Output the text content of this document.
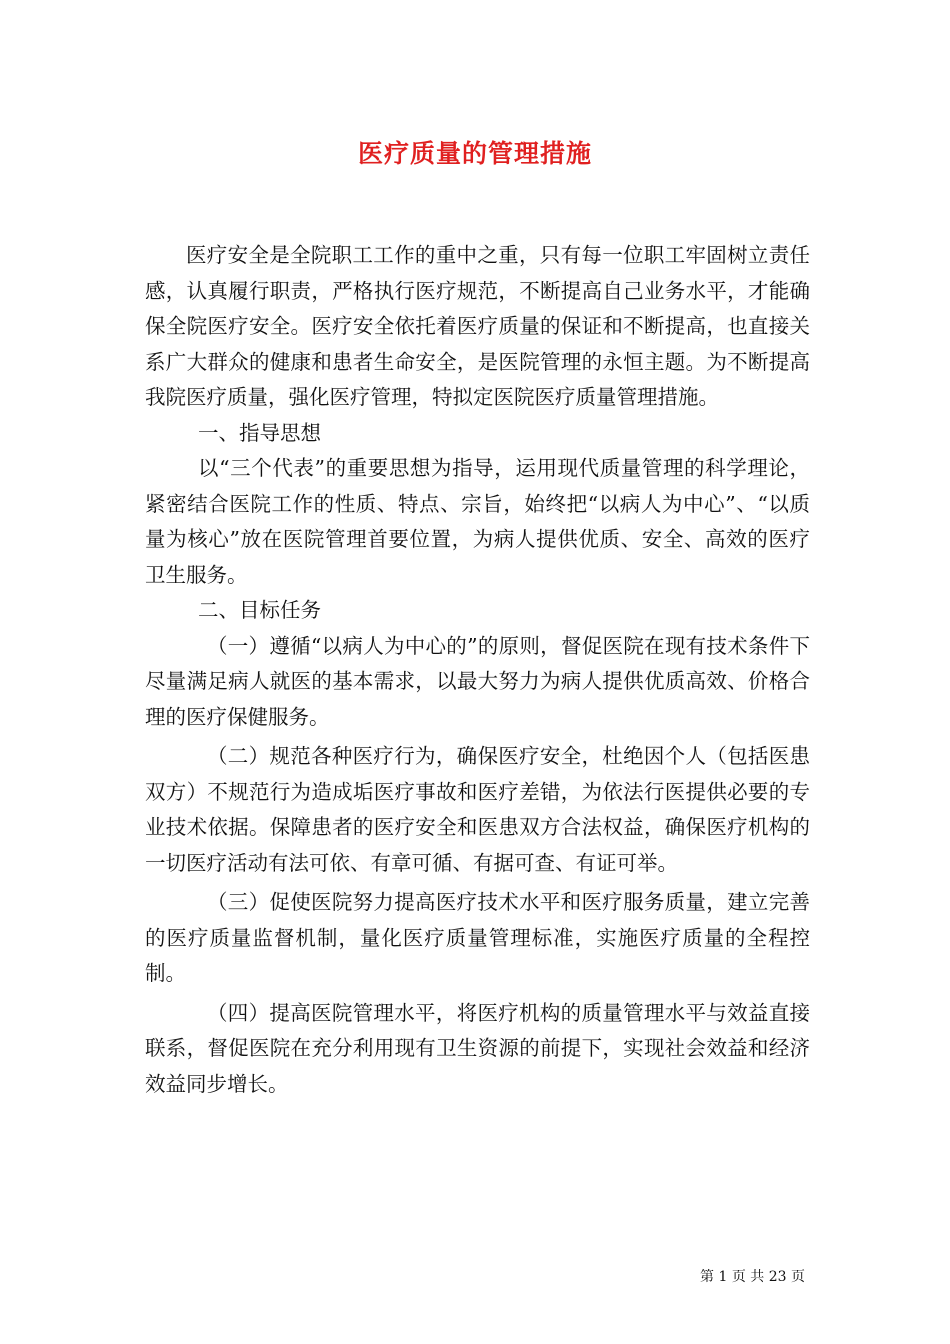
医疗质量的管理措施

医疗安全是全院职工工作的重中之重，只有每一位职工牢固树立责任感，认真履行职责，严格执行医疗规范，不断提高自己业务水平，才能确保全院医疗安全。医疗安全依托着医疗质量的保证和不断提高，也直接关系广大群众的健康和患者生命安全，是医院管理的永恒主题。为不断提高我院医疗质量，强化医疗管理，特拟定医院医疗质量管理措施。

一、指导思想

以“三个代表”的重要思想为指导，运用现代质量管理的科学理论，紧密结合医院工作的性质、特点、宗旨，始终把“以病人为中心”、“以质量为核心”放在医院管理首要位置，为病人提供优质、安全、高效的医疗卫生服务。

二、目标任务

（一）遵循“以病人为中心的”的原则，督促医院在现有技术条件下尽量满足病人就医的基本需求，以最大努力为病人提供优质高效、价格合理的医疗保健服务。

（二）规范各种医疗行为，确保医疗安全，杜绝因个人（包括医患双方）不规范行为造成垢医疗事故和医疗差错，为依法行医提供必要的专业技术依据。保障患者的医疗安全和医患双方合法权益，确保医疗机构的一切医疗活动有法可依、有章可循、有据可查、有证可举。

（三）促使医院努力提高医疗技术水平和医疗服务质量，建立完善的医疗质量监督机制，量化医疗质量管理标准，实施医疗质量的全程控制。

（四）提高医院管理水平，将医疗机构的质量管理水平与效益直接联系，督促医院在充分利用现有卫生资源的前提下，实现社会效益和经济效益同步增长。

第 1 页 共 23 页
